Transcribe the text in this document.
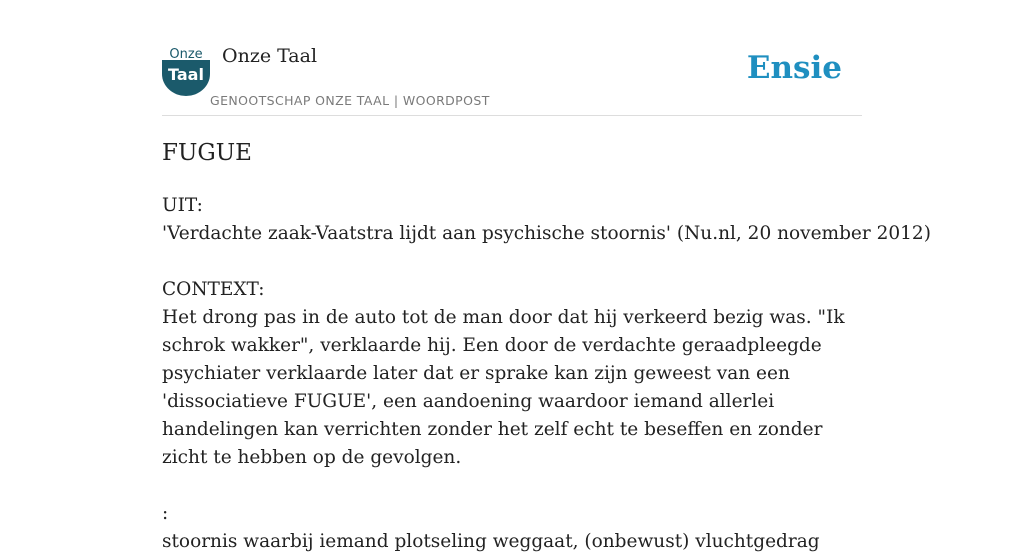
Onze
Taal
Onze Taal
GENOOTSCHAP ONZE TAAL | WOORDPOST
Ensie
FUGUE

UIT:

'Verdachte zaak-Vaatstra lijdt aan psychische stoornis' (Nu.nl, 20 november 2012)

CONTEXT:

Het drong pas in de auto tot de man door dat hij verkeerd bezig was. "Ik schrok wakker", verklaarde hij. Een door de verdachte geraadpleegde psychiater verklaarde later dat er sprake kan zijn geweest van een 'dissociatieve FUGUE', een aandoening waardoor iemand allerlei handelingen kan verrichten zonder het zelf echt te beseffen en zonder zicht te hebben op de gevolgen.

:

stoornis waarbij iemand plotseling weggaat, (onbewust) vluchtgedrag
